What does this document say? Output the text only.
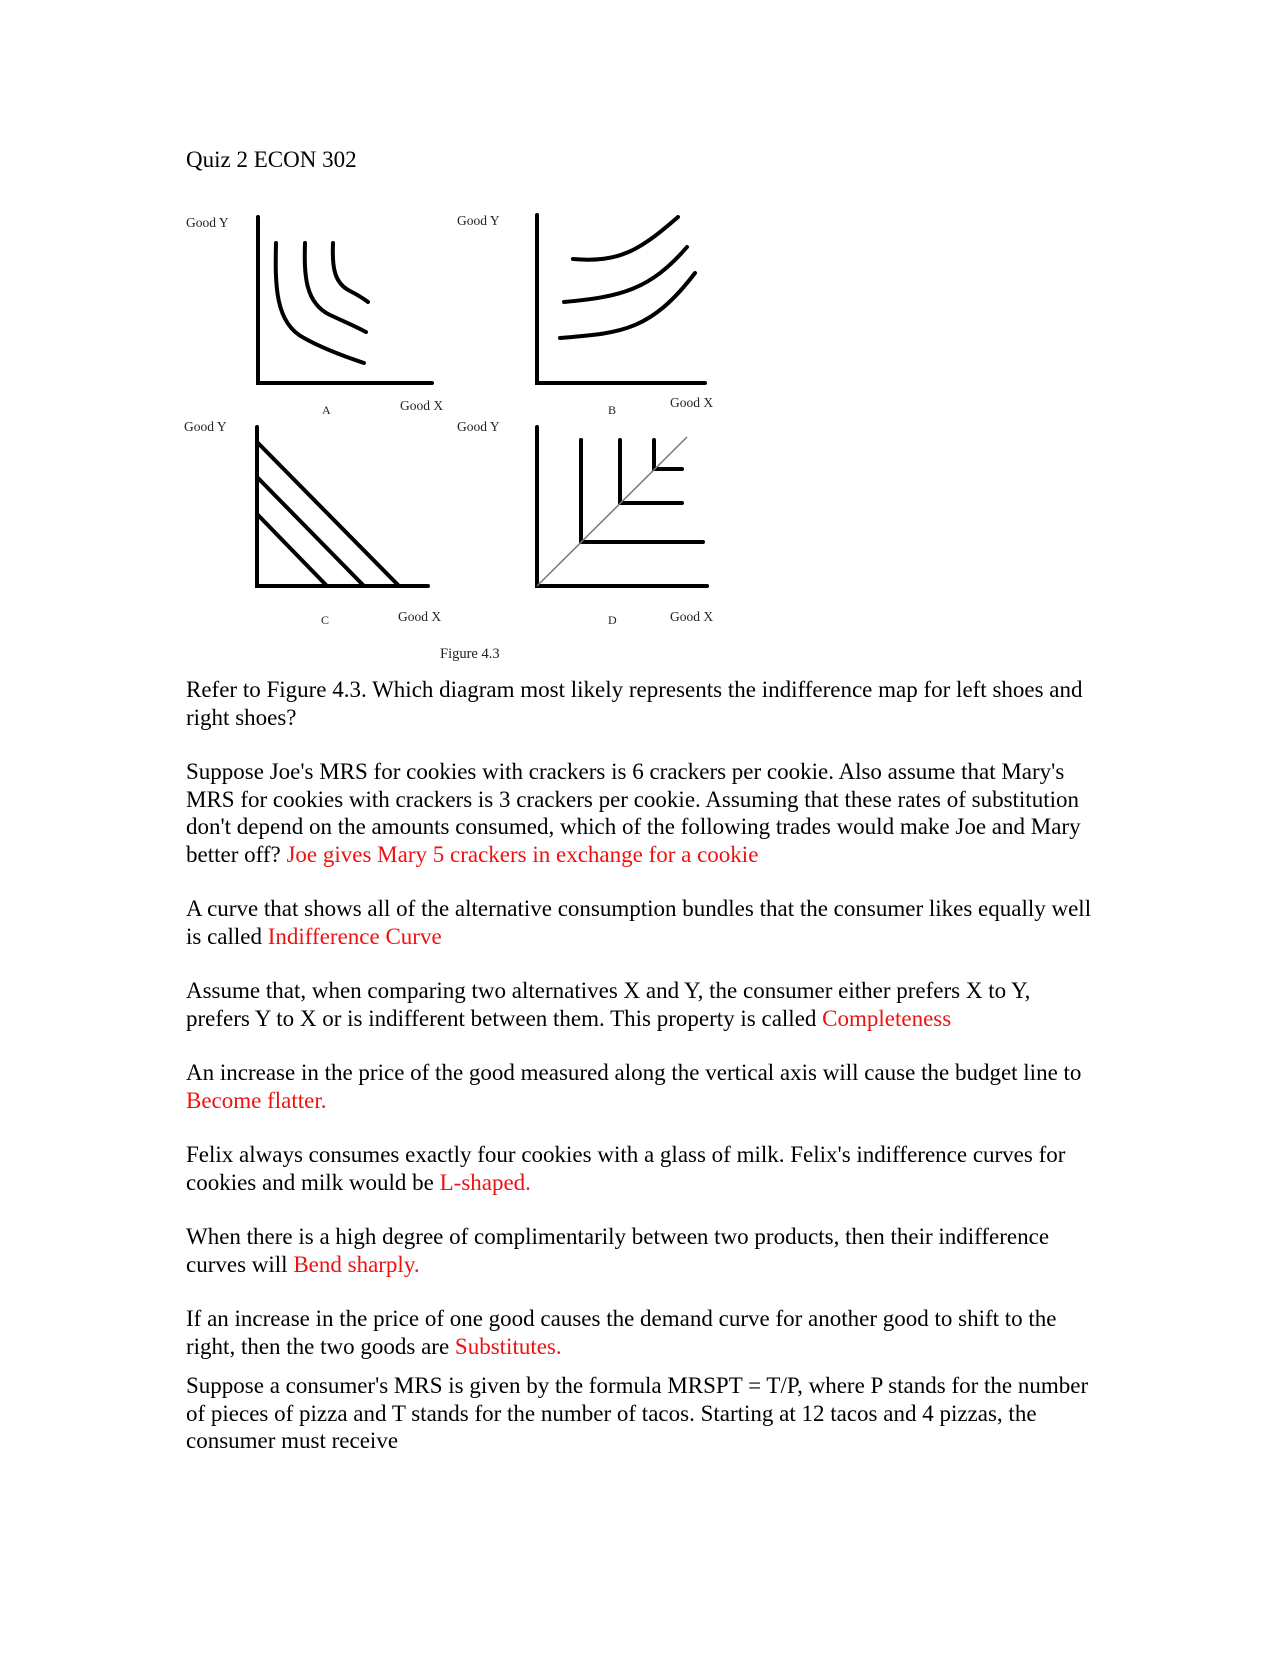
Quiz 2 ECON 302
Good Y
Good X
A
Good Y
Good X
B
Good Y
Good X
C
Good Y
Good X
D
Figure 4.3

Refer to Figure 4.3. Which diagram most likely represents the indifference map for left shoes and right shoes?

Suppose Joe's MRS for cookies with crackers is 6 crackers per cookie. Also assume that Mary's MRS for cookies with crackers is 3 crackers per cookie. Assuming that these rates of substitution don't depend on the amounts consumed, which of the following trades would make Joe and Mary better off? Joe gives Mary 5 crackers in exchange for a cookie

A curve that shows all of the alternative consumption bundles that the consumer likes equally well is called Indifference Curve

Assume that, when comparing two alternatives X and Y, the consumer either prefers X to Y, prefers Y to X or is indifferent between them. This property is called Completeness

An increase in the price of the good measured along the vertical axis will cause the budget line to Become flatter.

Felix always consumes exactly four cookies with a glass of milk. Felix's indifference curves for cookies and milk would be L-shaped.

When there is a high degree of complimentarily between two products, then their indifference curves will Bend sharply.

If an increase in the price of one good causes the demand curve for another good to shift to the right, then the two goods are Substitutes.

Suppose a consumer's MRS is given by the formula MRSPT = T/P, where P stands for the number of pieces of pizza and T stands for the number of tacos. Starting at 12 tacos and 4 pizzas, the consumer must receive
